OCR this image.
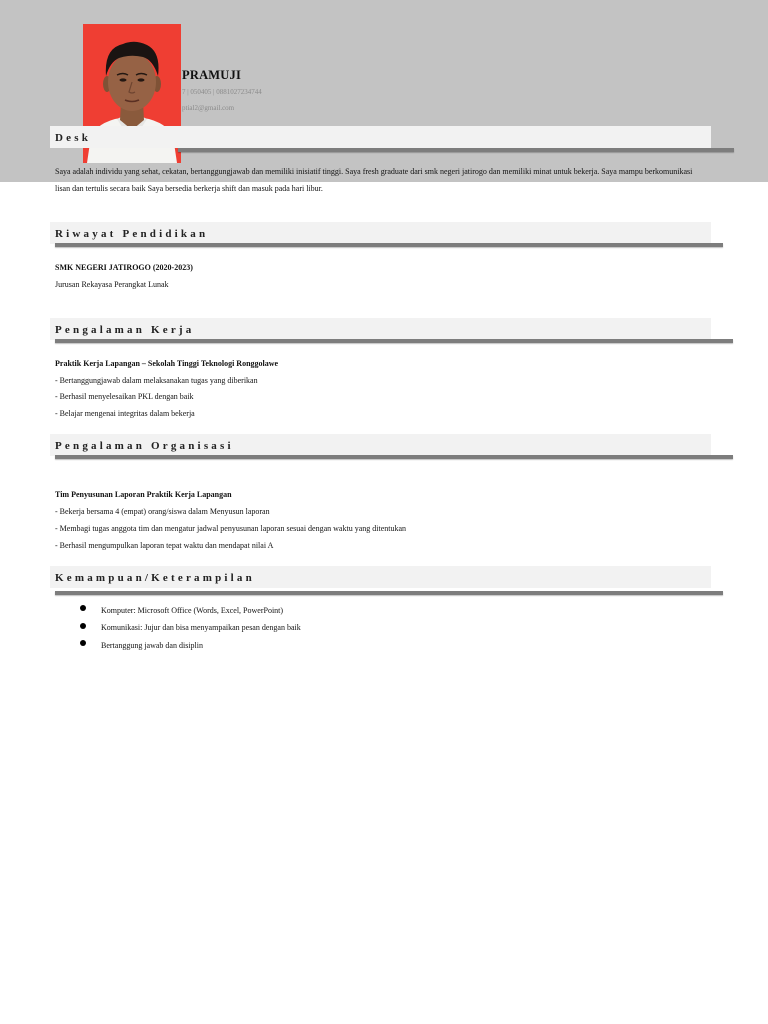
PRAMUJI
7 | 050405 | 0881027234744
ptial2@gmail.com
Desk
Saya adalah individu yang sehat, cekatan, bertanggungjawab dan memiliki inisiatif tinggi. Saya fresh graduate dari smk negeri jatirogo dan memiliki minat untuk bekerja. Saya mampu berkomunikasi lisan dan tertulis secara baik Saya bersedia berkerja shift dan masuk pada hari libur.
Riwayat Pendidikan
SMK NEGERI JATIROGO (2020-2023)
Jurusan Rekayasa Perangkat Lunak
Pengalaman Kerja
Praktik Kerja Lapangan – Sekolah Tinggi Teknologi Ronggolawe
- Bertanggungjawab dalam melaksanakan tugas yang diberikan
- Berhasil menyelesaikan PKL dengan baik
- Belajar mengenai integritas dalam bekerja
Pengalaman Organisasi
Tim Penyusunan Laporan Praktik Kerja Lapangan
- Bekerja bersama 4 (empat) orang/siswa dalam Menyusun laporan
- Membagi tugas anggota tim dan mengatur jadwal penyusunan laporan sesuai dengan waktu yang ditentukan
- Berhasil mengumpulkan laporan tepat waktu dan mendapat nilai A
Kemampuan/Keterampilan
Komputer: Microsoft Office (Words, Excel, PowerPoint)
Komunikasi: Jujur dan bisa menyampaikan pesan dengan baik
Bertanggung jawab dan disiplin
